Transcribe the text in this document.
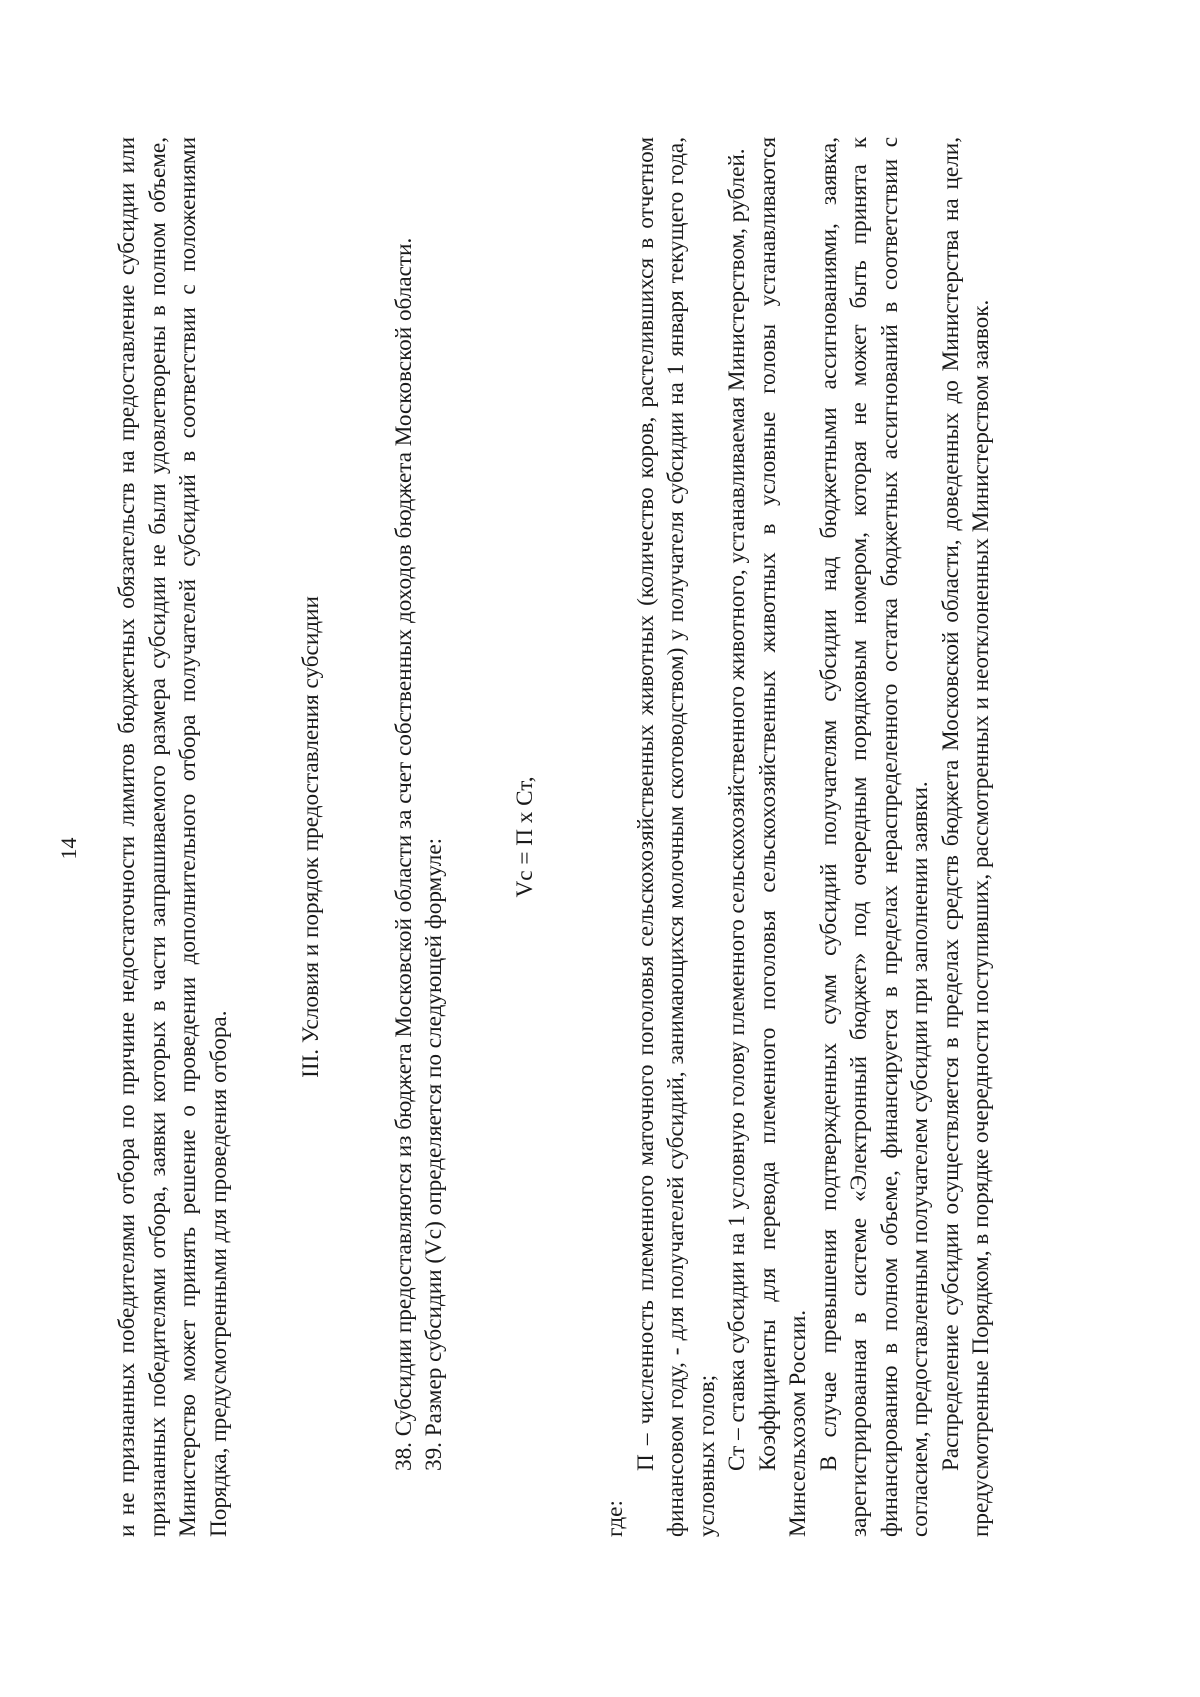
14 и не признанных победителями отбора по причине недостаточности лимитов бюджетных обязательств на предоставление субсидии или признанных победителями отбора, заявки которых в части запрашиваемого размера субсидии не были удовлетворены в полном объеме, Министерство может принять решение о проведении дополнительного отбора получателей субсидий в соответствии с положениями Порядка, предусмотренными для проведения отбора.

III. Условия и порядок предоставления субсидии	38. Субсидии предоставляются из бюджета Московской области за счет собственных доходов бюджета Московской области. 39. Размер субсидии (Vc) определяется по следующей формуле:

Vc = П х Ст,

где:

П – численность племенного маточного поголовья сельскохозяйственных животных (количество коров, растелившихся в отчетном финансовом году, - для получателей субсидий, занимающихся молочным скотоводством) у получателя субсидии на 1 января текущего года, условных голов; Ст – ставка субсидии на 1 условную голову племенного сельскохозяйственного животного, устанавливаемая Министерством, рублей. Коэффициенты для перевода племенного поголовья сельскохозяйственных животных в условные головы устанавливаются Минсельхозом России. В случае превышения подтвержденных сумм субсидий получателям субсидии над бюджетными ассигнованиями, заявка, зарегистрированная в системе «Электронный бюджет» под очередным порядковым номером, которая не может быть принята к финансированию в полном объеме, финансируется в пределах нераспределенного остатка бюджетных ассигнований в соответствии с согласием, предоставленным получателем субсидии при заполнении заявки. Распределение субсидии осуществляется в пределах средств бюджета Московской области, доведенных до Министерства на цели, предусмотренные Порядком, в порядке очередности поступивших, рассмотренных и неотклоненных Министерством заявок.
